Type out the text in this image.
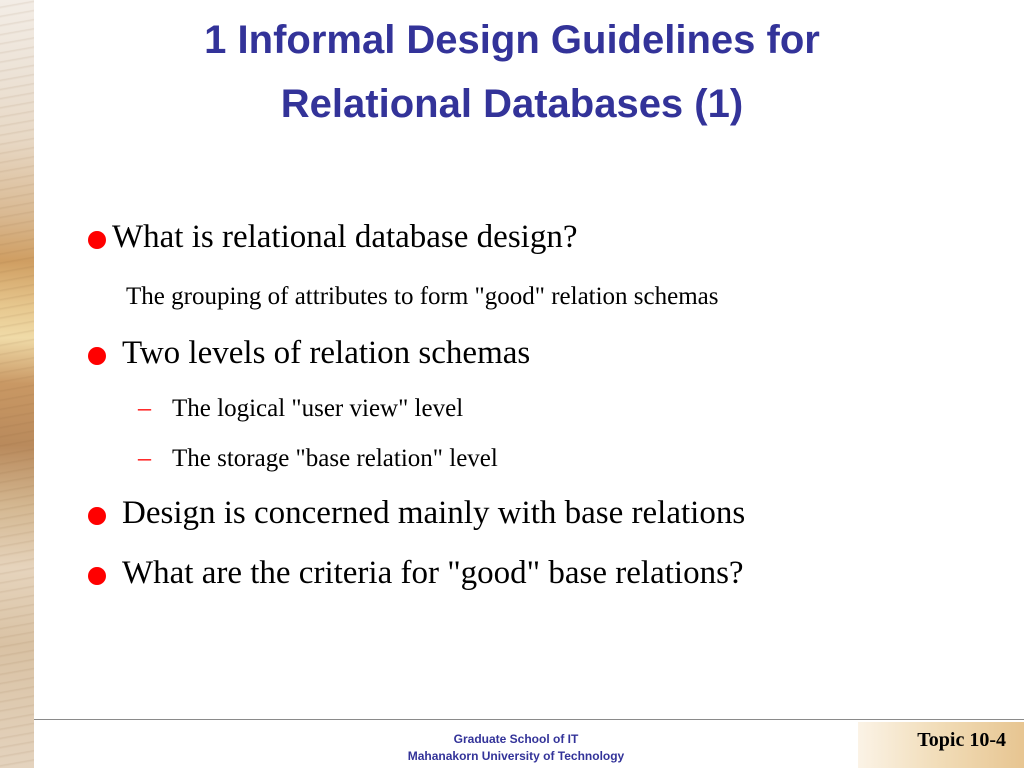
1 Informal Design Guidelines for
Relational Databases (1)
What is relational database design?
The grouping of attributes to form "good" relation schemas
Two levels of relation schemas
– The logical "user view" level
– The storage "base relation" level
Design is concerned mainly with base relations
What are the criteria for "good" base relations?
Graduate School of IT
Mahanakorn University of Technology
Topic 10-4
